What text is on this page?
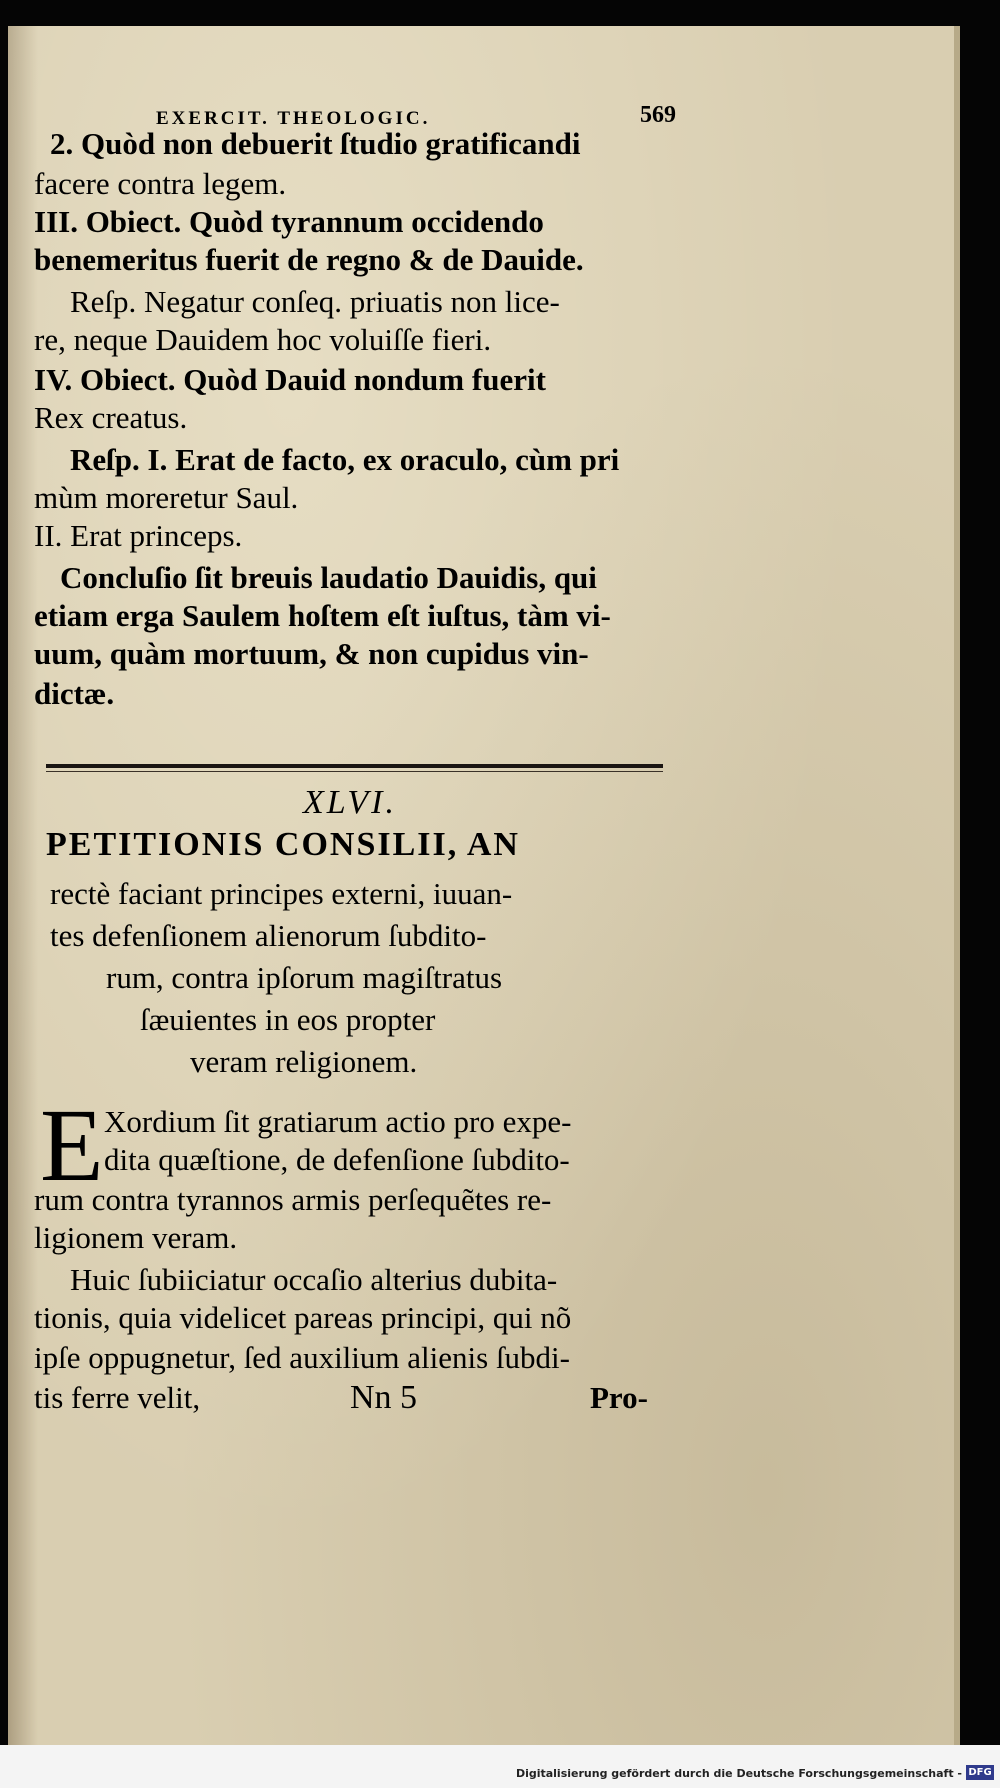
EXERCIT. THEOLOGIC.	569
2. Quòd non debuerit ſtudio gratificandi
facere contra legem.
III. Obiect. Quòd tyrannum occidendo
benemeritus fuerit de regno & de Dauide.
Reſp. Negatur conſeq. priuatis non lice-
re, neque Dauidem hoc voluiſſe fieri.
IV. Obiect. Quòd Dauid nondum fuerit
Rex creatus.
Reſp. I. Erat de facto, ex oraculo, cùm pri
mùm moreretur Saul.
II. Erat princeps.
Concluſio ſit breuis laudatio Dauidis, qui
etiam erga Saulem hoſtem eſt iuſtus, tàm vi-
uum, quàm mortuum, & non cupidus vin-
dictæ.
XLVI.
PETITIONIS CONSILII, AN
rectè faciant principes externi, iuuan-
tes defenſionem alienorum ſubdito-
rum, contra ipſorum magiſtratus
ſæuientes in eos propter
veram religionem.
E Xordium ſit gratiarum actio pro expe-
dita quæſtione, de defenſione ſubdito-
rum contra tyrannos armis perſequẽtes re-
ligionem veram.
Huic ſubiiciatur occaſio alterius dubita-
tionis, quia videlicet pareas principi, qui nõ
ipſe oppugnetur, ſed auxilium alienis ſubdi-
tis ferre velit,	Nn 5	Pro-
Digitalisierung gefördert durch die Deutsche Forschungsgemeinschaft - DFG
